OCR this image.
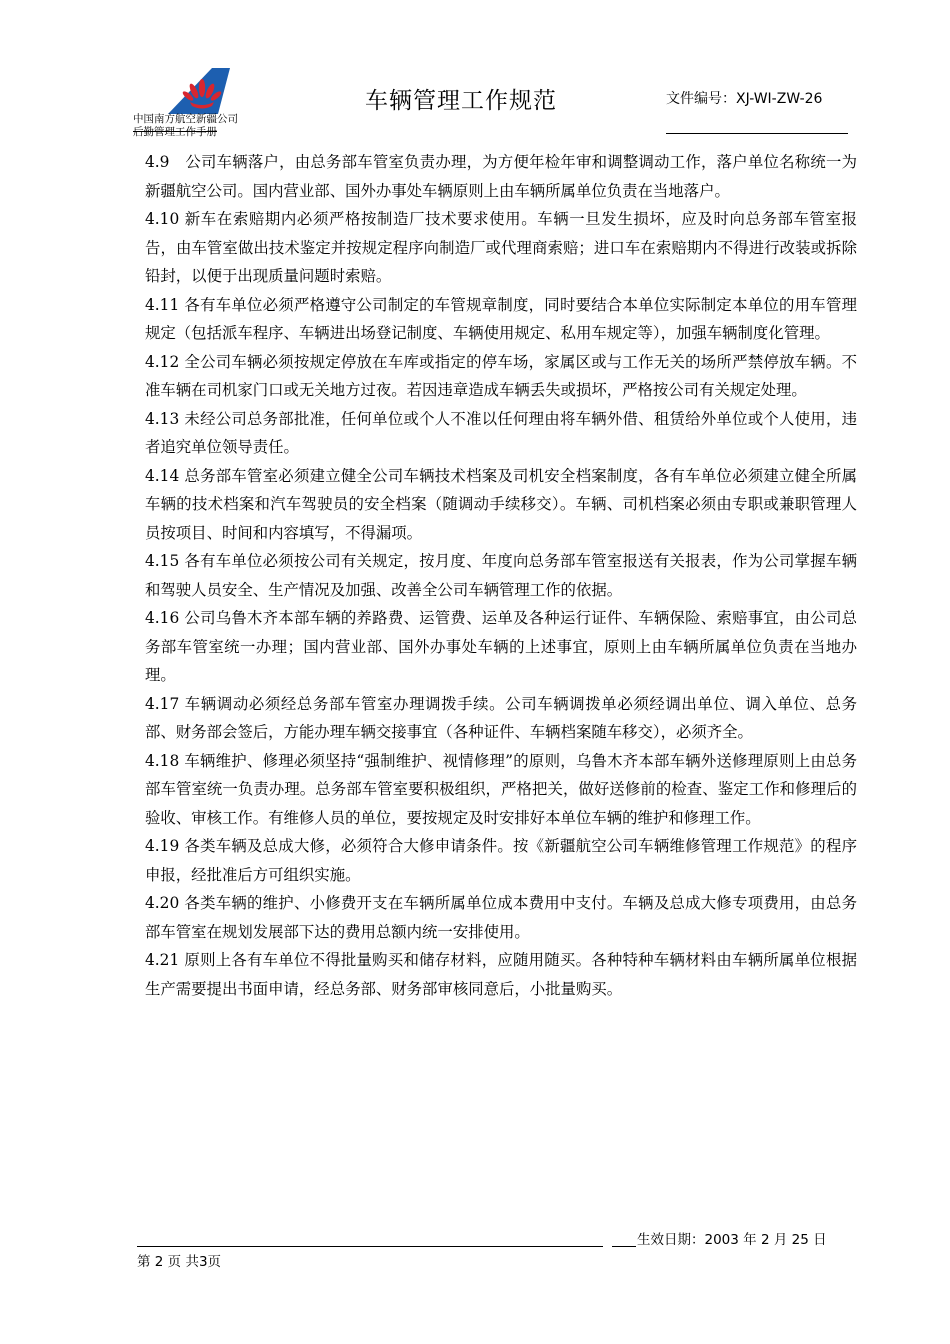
中国南方航空新疆公司
后勤管理工作手册
车辆管理工作规范	文件编号：XJ-WI-ZW-26

4.9　公司车辆落户，由总务部车管室负责办理，为方便年检年审和调整调动工作，落户单位名称统一为新疆航空公司。国内营业部、国外办事处车辆原则上由车辆所属单位负责在当地落户。

4.10 新车在索赔期内必须严格按制造厂技术要求使用。车辆一旦发生损坏，应及时向总务部车管室报告，由车管室做出技术鉴定并按规定程序向制造厂或代理商索赔；进口车在索赔期内不得进行改装或拆除铅封，以便于出现质量问题时索赔。

4.11 各有车单位必须严格遵守公司制定的车管规章制度，同时要结合本单位实际制定本单位的用车管理规定（包括派车程序、车辆进出场登记制度、车辆使用规定、私用车规定等），加强车辆制度化管理。

4.12 全公司车辆必须按规定停放在车库或指定的停车场，家属区或与工作无关的场所严禁停放车辆。不准车辆在司机家门口或无关地方过夜。若因违章造成车辆丢失或损坏，严格按公司有关规定处理。

4.13 未经公司总务部批准，任何单位或个人不准以任何理由将车辆外借、租赁给外单位或个人使用，违者追究单位领导责任。

4.14 总务部车管室必须建立健全公司车辆技术档案及司机安全档案制度，各有车单位必须建立健全所属车辆的技术档案和汽车驾驶员的安全档案（随调动手续移交）。车辆、司机档案必须由专职或兼职管理人员按项目、时间和内容填写，不得漏项。

4.15 各有车单位必须按公司有关规定，按月度、年度向总务部车管室报送有关报表，作为公司掌握车辆和驾驶人员安全、生产情况及加强、改善全公司车辆管理工作的依据。

4.16 公司乌鲁木齐本部车辆的养路费、运管费、运单及各种运行证件、车辆保险、索赔事宜，由公司总务部车管室统一办理；国内营业部、国外办事处车辆的上述事宜，原则上由车辆所属单位负责在当地办理。

4.17 车辆调动必须经总务部车管室办理调拨手续。公司车辆调拨单必须经调出单位、调入单位、总务部、财务部会签后，方能办理车辆交接事宜（各种证件、车辆档案随车移交），必须齐全。

4.18 车辆维护、修理必须坚持“强制维护、视情修理”的原则，乌鲁木齐本部车辆外送修理原则上由总务部车管室统一负责办理。总务部车管室要积极组织，严格把关，做好送修前的检查、鉴定工作和修理后的验收、审核工作。有维修人员的单位，要按规定及时安排好本单位车辆的维护和修理工作。

4.19 各类车辆及总成大修，必须符合大修申请条件。按《新疆航空公司车辆维修管理工作规范》的程序申报，经批准后方可组织实施。

4.20 各类车辆的维护、小修费开支在车辆所属单位成本费用中支付。车辆及总成大修专项费用，由总务部车管室在规划发展部下达的费用总额内统一安排使用。

4.21 原则上各有车单位不得批量购买和储存材料，应随用随买。各种特种车辆材料由车辆所属单位根据生产需要提出书面申请，经总务部、财务部审核同意后，小批量购买。

生效日期：2003 年 2 月 25 日
第 2 页 共3页
